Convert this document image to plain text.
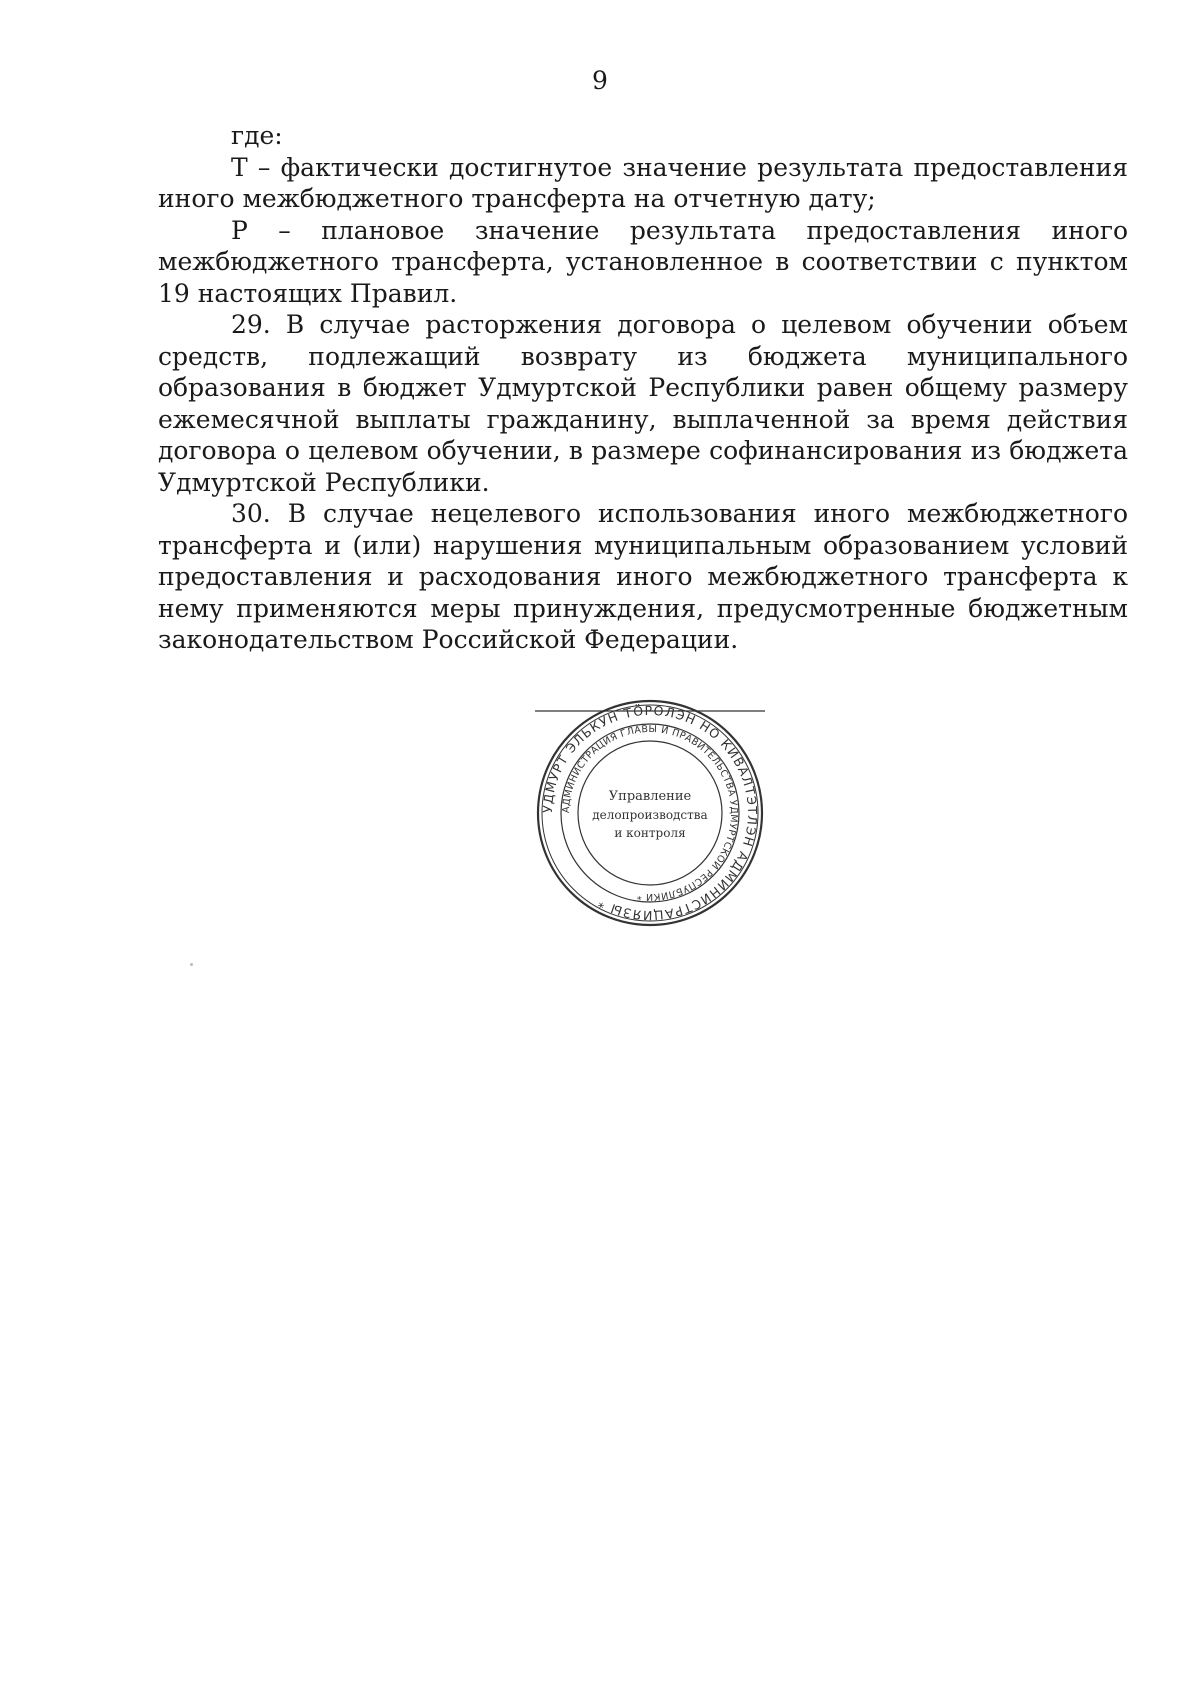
9

где:

Т – фактически достигнутое значение результата предоставления иного межбюджетного трансферта на отчетную дату;

Р – плановое значение результата предоставления иного межбюджетного трансферта, установленное в соответствии с пунктом 19 настоящих Правил.

29. В случае расторжения договора о целевом обучении объем средств, подлежащий возврату из бюджета муниципального образования в бюджет Удмуртской Республики равен общему размеру ежемесячной выплаты гражданину, выплаченной за время действия договора о целевом обучении, в размере софинансирования из бюджета Удмуртской Республики.

30. В случае нецелевого использования иного межбюджетного трансферта и (или) нарушения муниципальным образованием условий предоставления и расходования иного межбюджетного трансферта к нему применяются меры принуждения, предусмотренные бюджетным законодательством Российской Федерации.

УДМУРТ ЭЛЬКУН ТӦРОЛЭН НО КИВАЛТЭТЛЭН АДМИНИСТРАЦИЯЗЫ *
АДМИНИСТРАЦИЯ ГЛАВЫ И ПРАВИТЕЛЬСТВА УДМУРТСКОЙ РЕСПУБЛИКИ *
Управление
делопроизводства
и контроля
